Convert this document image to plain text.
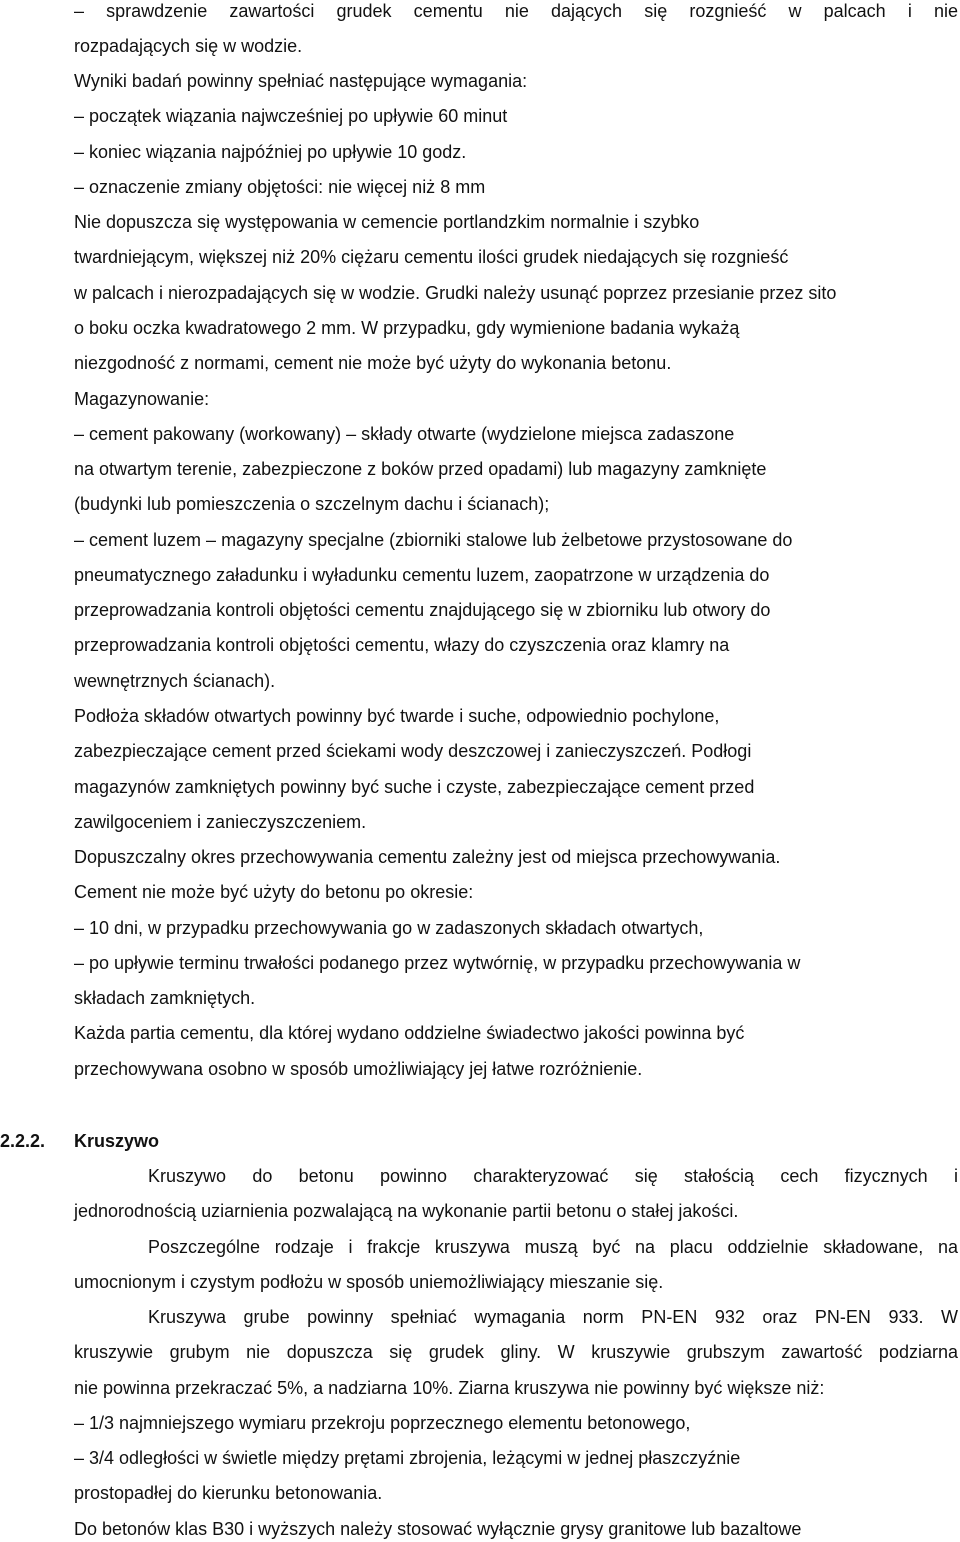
– sprawdzenie zawartości grudek cementu nie dających się rozgnieść w palcach i nie
rozpadających się w wodzie.
Wyniki badań powinny spełniać następujące wymagania:
– początek wiązania najwcześniej po upływie 60 minut
– koniec wiązania najpóźniej po upływie 10 godz.
– oznaczenie zmiany objętości: nie więcej niż 8 mm
Nie dopuszcza się występowania w cemencie portlandzkim normalnie i szybko
twardniejącym, większej niż 20% ciężaru cementu ilości grudek niedających się rozgnieść
w palcach i nierozpadających się w wodzie. Grudki należy usunąć poprzez przesianie przez sito
o boku oczka kwadratowego 2 mm. W przypadku, gdy wymienione badania wykażą
niezgodność z normami, cement nie może być użyty do wykonania betonu.
Magazynowanie:
– cement pakowany (workowany) – składy otwarte (wydzielone miejsca zadaszone
na otwartym terenie, zabezpieczone z boków przed opadami) lub magazyny zamknięte
(budynki lub pomieszczenia o szczelnym dachu i ścianach);
– cement luzem – magazyny specjalne (zbiorniki stalowe lub żelbetowe przystosowane do
pneumatycznego załadunku i wyładunku cementu luzem, zaopatrzone w urządzenia do
przeprowadzania kontroli objętości cementu znajdującego się w zbiorniku lub otwory do
przeprowadzania kontroli objętości cementu, włazy do czyszczenia oraz klamry na
wewnętrznych ścianach).
Podłoża składów otwartych powinny być twarde i suche, odpowiednio pochylone,
zabezpieczające cement przed ściekami wody deszczowej i zanieczyszczeń. Podłogi
magazynów zamkniętych powinny być suche i czyste, zabezpieczające cement przed
zawilgoceniem i zanieczyszczeniem.
Dopuszczalny okres przechowywania cementu zależny jest od miejsca przechowywania.
Cement nie może być użyty do betonu po okresie:
– 10 dni, w przypadku przechowywania go w zadaszonych składach otwartych,
– po upływie terminu trwałości podanego przez wytwórnię, w przypadku przechowywania w
składach zamkniętych.
Każda partia cementu, dla której wydano oddzielne świadectwo jakości powinna być
przechowywana osobno w sposób umożliwiający jej łatwe rozróżnienie.
2.2.2. Kruszywo
Kruszywo do betonu powinno charakteryzować się stałością cech fizycznych i
jednorodnością uziarnienia pozwalającą na wykonanie partii betonu o stałej jakości.
Poszczególne rodzaje i frakcje kruszywa muszą być na placu oddzielnie składowane, na
umocnionym i czystym podłożu w sposób uniemożliwiający mieszanie się.
Kruszywa grube powinny spełniać wymagania norm PN-EN 932 oraz PN-EN 933. W
kruszywie grubym nie dopuszcza się grudek gliny. W kruszywie grubszym zawartość podziarna
nie powinna przekraczać 5%, a nadziarna 10%. Ziarna kruszywa nie powinny być większe niż:
– 1/3 najmniejszego wymiaru przekroju poprzecznego elementu betonowego,
– 3/4 odległości w świetle między prętami zbrojenia, leżącymi w jednej płaszczyźnie
prostopadłej do kierunku betonowania.
Do betonów klas B30 i wyższych należy stosować wyłącznie grysy granitowe lub bazaltowe
